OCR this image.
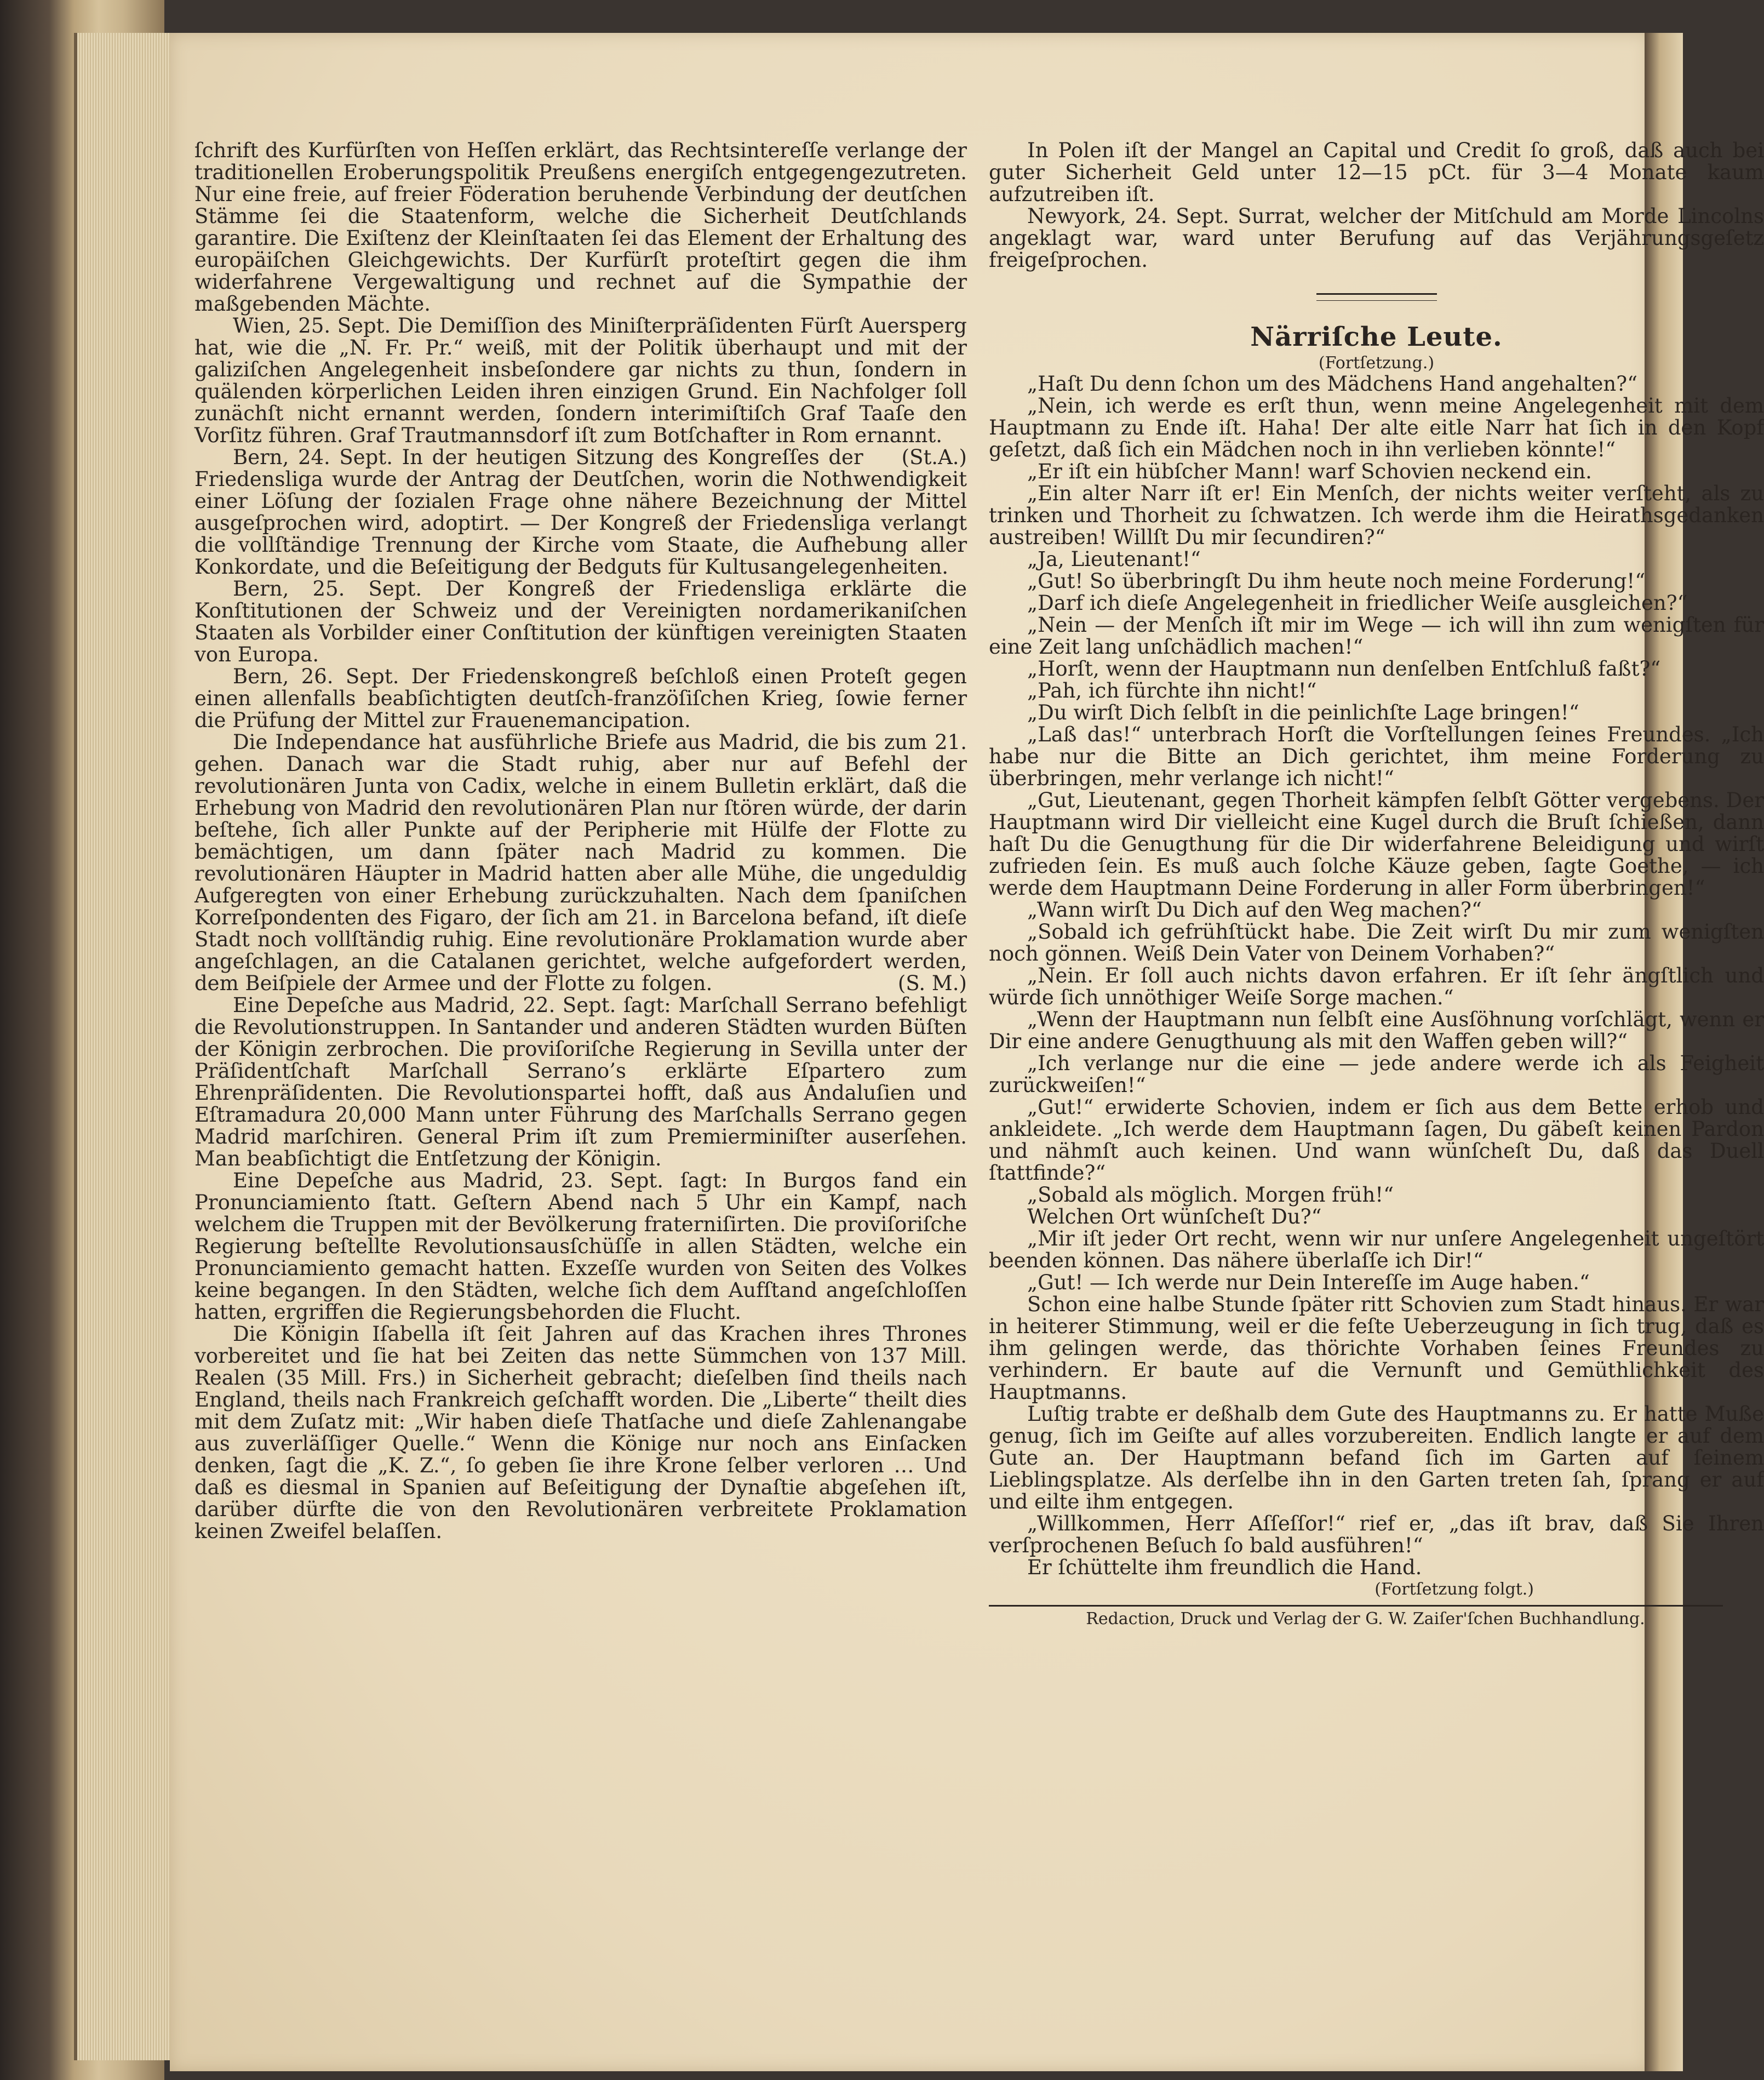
ſchrift des Kurfürſten von Heſſen erklärt, das Rechtsintereſſe verlange der traditionellen Eroberungspolitik Preußens energiſch entgegengezutreten. Nur eine freie, auf freier Föderation beruhende Verbindung der deutſchen Stämme ſei die Staatenform, welche die Sicherheit Deutſchlands garantire. Die Exiſtenz der Kleinſtaaten ſei das Element der Erhaltung des europäiſchen Gleichgewichts. Der Kurfürſt proteſtirt gegen die ihm widerfahrene Vergewaltigung und rechnet auf die Sympathie der maßgebenden Mächte.

Wien, 25. Sept. Die Demiſſion des Miniſterpräſidenten Fürſt Auersperg hat, wie die „N. Fr. Pr.“ weiß, mit der Politik überhaupt und mit der galiziſchen Angelegenheit insbeſondere gar nichts zu thun, ſondern in quälenden körperlichen Leiden ihren einzigen Grund. Ein Nachfolger ſoll zunächſt nicht ernannt werden, ſondern interimiſtiſch Graf Taaſe den Vorſitz führen. Graf Trautmannsdorf iſt zum Botſchafter in Rom ernannt.
(St.A.)

Bern, 24. Sept. In der heutigen Sitzung des Kongreſſes der Friedensliga wurde der Antrag der Deutſchen, worin die Nothwendigkeit einer Löſung der ſozialen Frage ohne nähere Bezeichnung der Mittel ausgeſprochen wird, adoptirt. — Der Kongreß der Friedensliga verlangt die vollſtändige Trennung der Kirche vom Staate, die Aufhebung aller Konkordate, und die Beſeitigung der Bedguts für Kultusangelegenheiten.

Bern, 25. Sept. Der Kongreß der Friedensliga erklärte die Konſtitutionen der Schweiz und der Vereinigten nordamerikaniſchen Staaten als Vorbilder einer Conſtitution der künftigen vereinigten Staaten von Europa.

Bern, 26. Sept. Der Friedenskongreß beſchloß einen Proteſt gegen einen allenfalls beabſichtigten deutſch-franzöſiſchen Krieg, ſowie ferner die Prüfung der Mittel zur Frauenemancipation.

Die Independance hat ausführliche Briefe aus Madrid, die bis zum 21. gehen. Danach war die Stadt ruhig, aber nur auf Befehl der revolutionären Junta von Cadix, welche in einem Bulletin erklärt, daß die Erhebung von Madrid den revolutionären Plan nur ſtören würde, der darin beſtehe, ſich aller Punkte auf der Peripherie mit Hülfe der Flotte zu bemächtigen, um dann ſpäter nach Madrid zu kommen. Die revolutionären Häupter in Madrid hatten aber alle Mühe, die ungeduldig Aufgeregten von einer Erhebung zurückzuhalten. Nach dem ſpaniſchen Korreſpondenten des Figaro, der ſich am 21. in Barcelona befand, iſt dieſe Stadt noch vollſtändig ruhig. Eine revolutionäre Proklamation wurde aber angeſchlagen, an die Catalanen gerichtet, welche aufgefordert werden, dem Beiſpiele der Armee und der Flotte zu folgen.	(S. M.)

Eine Depeſche aus Madrid, 22. Sept. ſagt: Marſchall Serrano befehligt die Revolutionstruppen. In Santander und anderen Städten wurden Büſten der Königin zerbrochen. Die proviſoriſche Regierung in Sevilla unter der Präſidentſchaft Marſchall Serrano’s erklärte Eſpartero zum Ehrenpräſidenten. Die Revolutionspartei hofft, daß aus Andaluſien und Eſtramadura 20,000 Mann unter Führung des Marſchalls Serrano gegen Madrid marſchiren. General Prim iſt zum Premierminiſter auserſehen. Man beabſichtigt die Entſetzung der Königin.

Eine Depeſche aus Madrid, 23. Sept. ſagt: In Burgos fand ein Pronunciamiento ſtatt. Geſtern Abend nach 5 Uhr ein Kampf, nach welchem die Truppen mit der Bevölkerung fraterniſirten. Die proviſoriſche Regierung beſtellte Revolutionsausſchüſſe in allen Städten, welche ein Pronunciamiento gemacht hatten. Exzeſſe wurden von Seiten des Volkes keine begangen. In den Städten, welche ſich dem Aufſtand angeſchloſſen hatten, ergriffen die Regierungsbehorden die Flucht.

Die Königin Iſabella iſt ſeit Jahren auf das Krachen ihres Thrones vorbereitet und ſie hat bei Zeiten das nette Sümmchen von 137 Mill. Realen (35 Mill. Frs.) in Sicherheit gebracht; dieſelben ſind theils nach England, theils nach Frankreich geſchafft worden. Die „Liberte“ theilt dies mit dem Zuſatz mit: „Wir haben dieſe Thatſache und dieſe Zahlenangabe aus zuverläſſiger Quelle.“ Wenn die Könige nur noch ans Einſacken denken, ſagt die „K. Z.“, ſo geben ſie ihre Krone ſelber verloren … Und daß es diesmal in Spanien auf Beſeitigung der Dynaſtie abgeſehen iſt, darüber dürfte die von den Revolutionären verbreitete Proklamation keinen Zweifel belaſſen.

In Polen iſt der Mangel an Capital und Credit ſo groß, daß auch bei guter Sicherheit Geld unter 12—15 pCt. für 3—4 Monate kaum aufzutreiben iſt.

Newyork, 24. Sept. Surrat, welcher der Mitſchuld am Morde Lincolns angeklagt war, ward unter Berufung auf das Verjährungsgeſetz freigeſprochen.

Närriſche Leute.
(Fortſetzung.)

„Haſt Du denn ſchon um des Mädchens Hand angehalten?“

„Nein, ich werde es erſt thun, wenn meine Angelegenheit mit dem Hauptmann zu Ende iſt. Haha! Der alte eitle Narr hat ſich in den Kopf geſetzt, daß ſich ein Mädchen noch in ihn verlieben könnte!“

„Er iſt ein hübſcher Mann! warf Schovien neckend ein.

„Ein alter Narr iſt er! Ein Menſch, der nichts weiter verſteht, als zu trinken und Thorheit zu ſchwatzen. Ich werde ihm die Heirathsgedanken austreiben! Willſt Du mir ſecundiren?“

„Ja, Lieutenant!“

„Gut! So überbringſt Du ihm heute noch meine Forderung!“

„Darf ich dieſe Angelegenheit in friedlicher Weiſe ausgleichen?“

„Nein — der Menſch iſt mir im Wege — ich will ihn zum wenigſten für eine Zeit lang unſchädlich machen!“

„Horſt, wenn der Hauptmann nun denſelben Entſchluß faßt?“

„Pah, ich fürchte ihn nicht!“

„Du wirſt Dich ſelbſt in die peinlichſte Lage bringen!“

„Laß das!“ unterbrach Horſt die Vorſtellungen ſeines Freundes. „Ich habe nur die Bitte an Dich gerichtet, ihm meine Forderung zu überbringen, mehr verlange ich nicht!“

„Gut, Lieutenant, gegen Thorheit kämpfen ſelbſt Götter vergebens. Der Hauptmann wird Dir vielleicht eine Kugel durch die Bruſt ſchießen, dann haſt Du die Genugthung für die Dir widerfahrene Beleidigung und wirſt zufrieden ſein. Es muß auch ſolche Käuze geben, ſagte Goethe, — ich werde dem Hauptmann Deine Forderung in aller Form überbringen!“

„Wann wirſt Du Dich auf den Weg machen?“

„Sobald ich gefrühſtückt habe. Die Zeit wirſt Du mir zum wenigſten noch gönnen. Weiß Dein Vater von Deinem Vorhaben?“

„Nein. Er ſoll auch nichts davon erfahren. Er iſt ſehr ängſtlich und würde ſich unnöthiger Weiſe Sorge machen.“

„Wenn der Hauptmann nun ſelbſt eine Ausſöhnung vorſchlägt, wenn er Dir eine andere Genugthuung als mit den Waffen geben will?“

„Ich verlange nur die eine — jede andere werde ich als Feigheit zurückweiſen!“

„Gut!“ erwiderte Schovien, indem er ſich aus dem Bette erhob und ankleidete. „Ich werde dem Hauptmann ſagen, Du gäbeſt keinen Pardon und nähmſt auch keinen. Und wann wünſcheſt Du, daß das Duell ſtattfinde?“

„Sobald als möglich. Morgen früh!“

Welchen Ort wünſcheſt Du?“

„Mir iſt jeder Ort recht, wenn wir nur unſere Angelegenheit ungeſtört beenden können. Das nähere überlaſſe ich Dir!“

„Gut! — Ich werde nur Dein Intereſſe im Auge haben.“

Schon eine halbe Stunde ſpäter ritt Schovien zum Stadt hinaus. Er war in heiterer Stimmung, weil er die feſte Ueberzeugung in ſich trug, daß es ihm gelingen werde, das thörichte Vorhaben ſeines Freundes zu verhindern. Er baute auf die Vernunft und Gemüthlichkeit des Hauptmanns.

Luſtig trabte er deßhalb dem Gute des Hauptmanns zu. Er hatte Muße genug, ſich im Geiſte auf alles vorzubereiten. Endlich langte er auf dem Gute an. Der Hauptmann befand ſich im Garten auf ſeinem Lieblingsplatze. Als derſelbe ihn in den Garten treten ſah, ſprang er auf und eilte ihm entgegen.

„Willkommen, Herr Aſſeſſor!“ rief er, „das iſt brav, daß Sie Ihren verſprochenen Beſuch ſo bald ausführen!“

Er ſchüttelte ihm freundlich die Hand.

(Fortſetzung folgt.)
Redaction, Druck und Verlag der G. W. Zaiſer'ſchen Buchhandlung.
